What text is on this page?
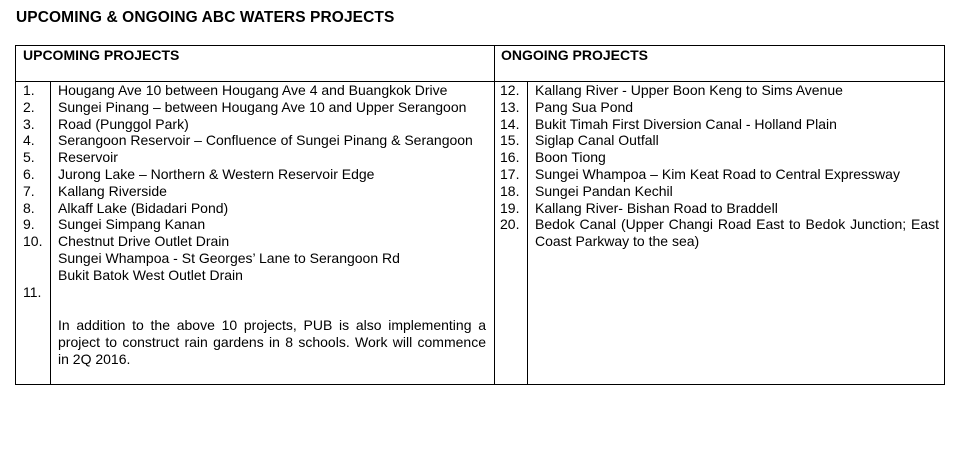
UPCOMING & ONGOING ABC WATERS PROJECTS
UPCOMING PROJECTS	ONGOING PROJECTS
1.
2.
3.
4.
5.
6.
7.
8.
9.
10.
11.
Hougang Ave 10 between Hougang Ave 4 and Buangkok Drive
Sungei Pinang – between Hougang Ave 10 and Upper Serangoon
Road (Punggol Park)
Serangoon Reservoir – Confluence of Sungei Pinang & Serangoon
Reservoir
Jurong Lake – Northern & Western Reservoir Edge
Kallang Riverside
Alkaff Lake (Bidadari Pond)
Sungei Simpang Kanan
Chestnut Drive Outlet Drain
Sungei Whampoa - St Georges’ Lane to Serangoon Rd
Bukit Batok West Outlet Drain
In addition to the above 10 projects, PUB is also implementing a project to construct rain gardens in 8 schools. Work will commence in 2Q 2016.
12.
13.
14.
15.
16.
17.
18.
19.
20.
Kallang River - Upper Boon Keng to Sims Avenue
Pang Sua Pond
Bukit Timah First Diversion Canal - Holland Plain
Siglap Canal Outfall
Boon Tiong
Sungei Whampoa – Kim Keat Road to Central Expressway
Sungei Pandan Kechil
Kallang River- Bishan Road to Braddell
Bedok Canal (Upper Changi Road East to Bedok Junction; East Coast Parkway to the sea)
